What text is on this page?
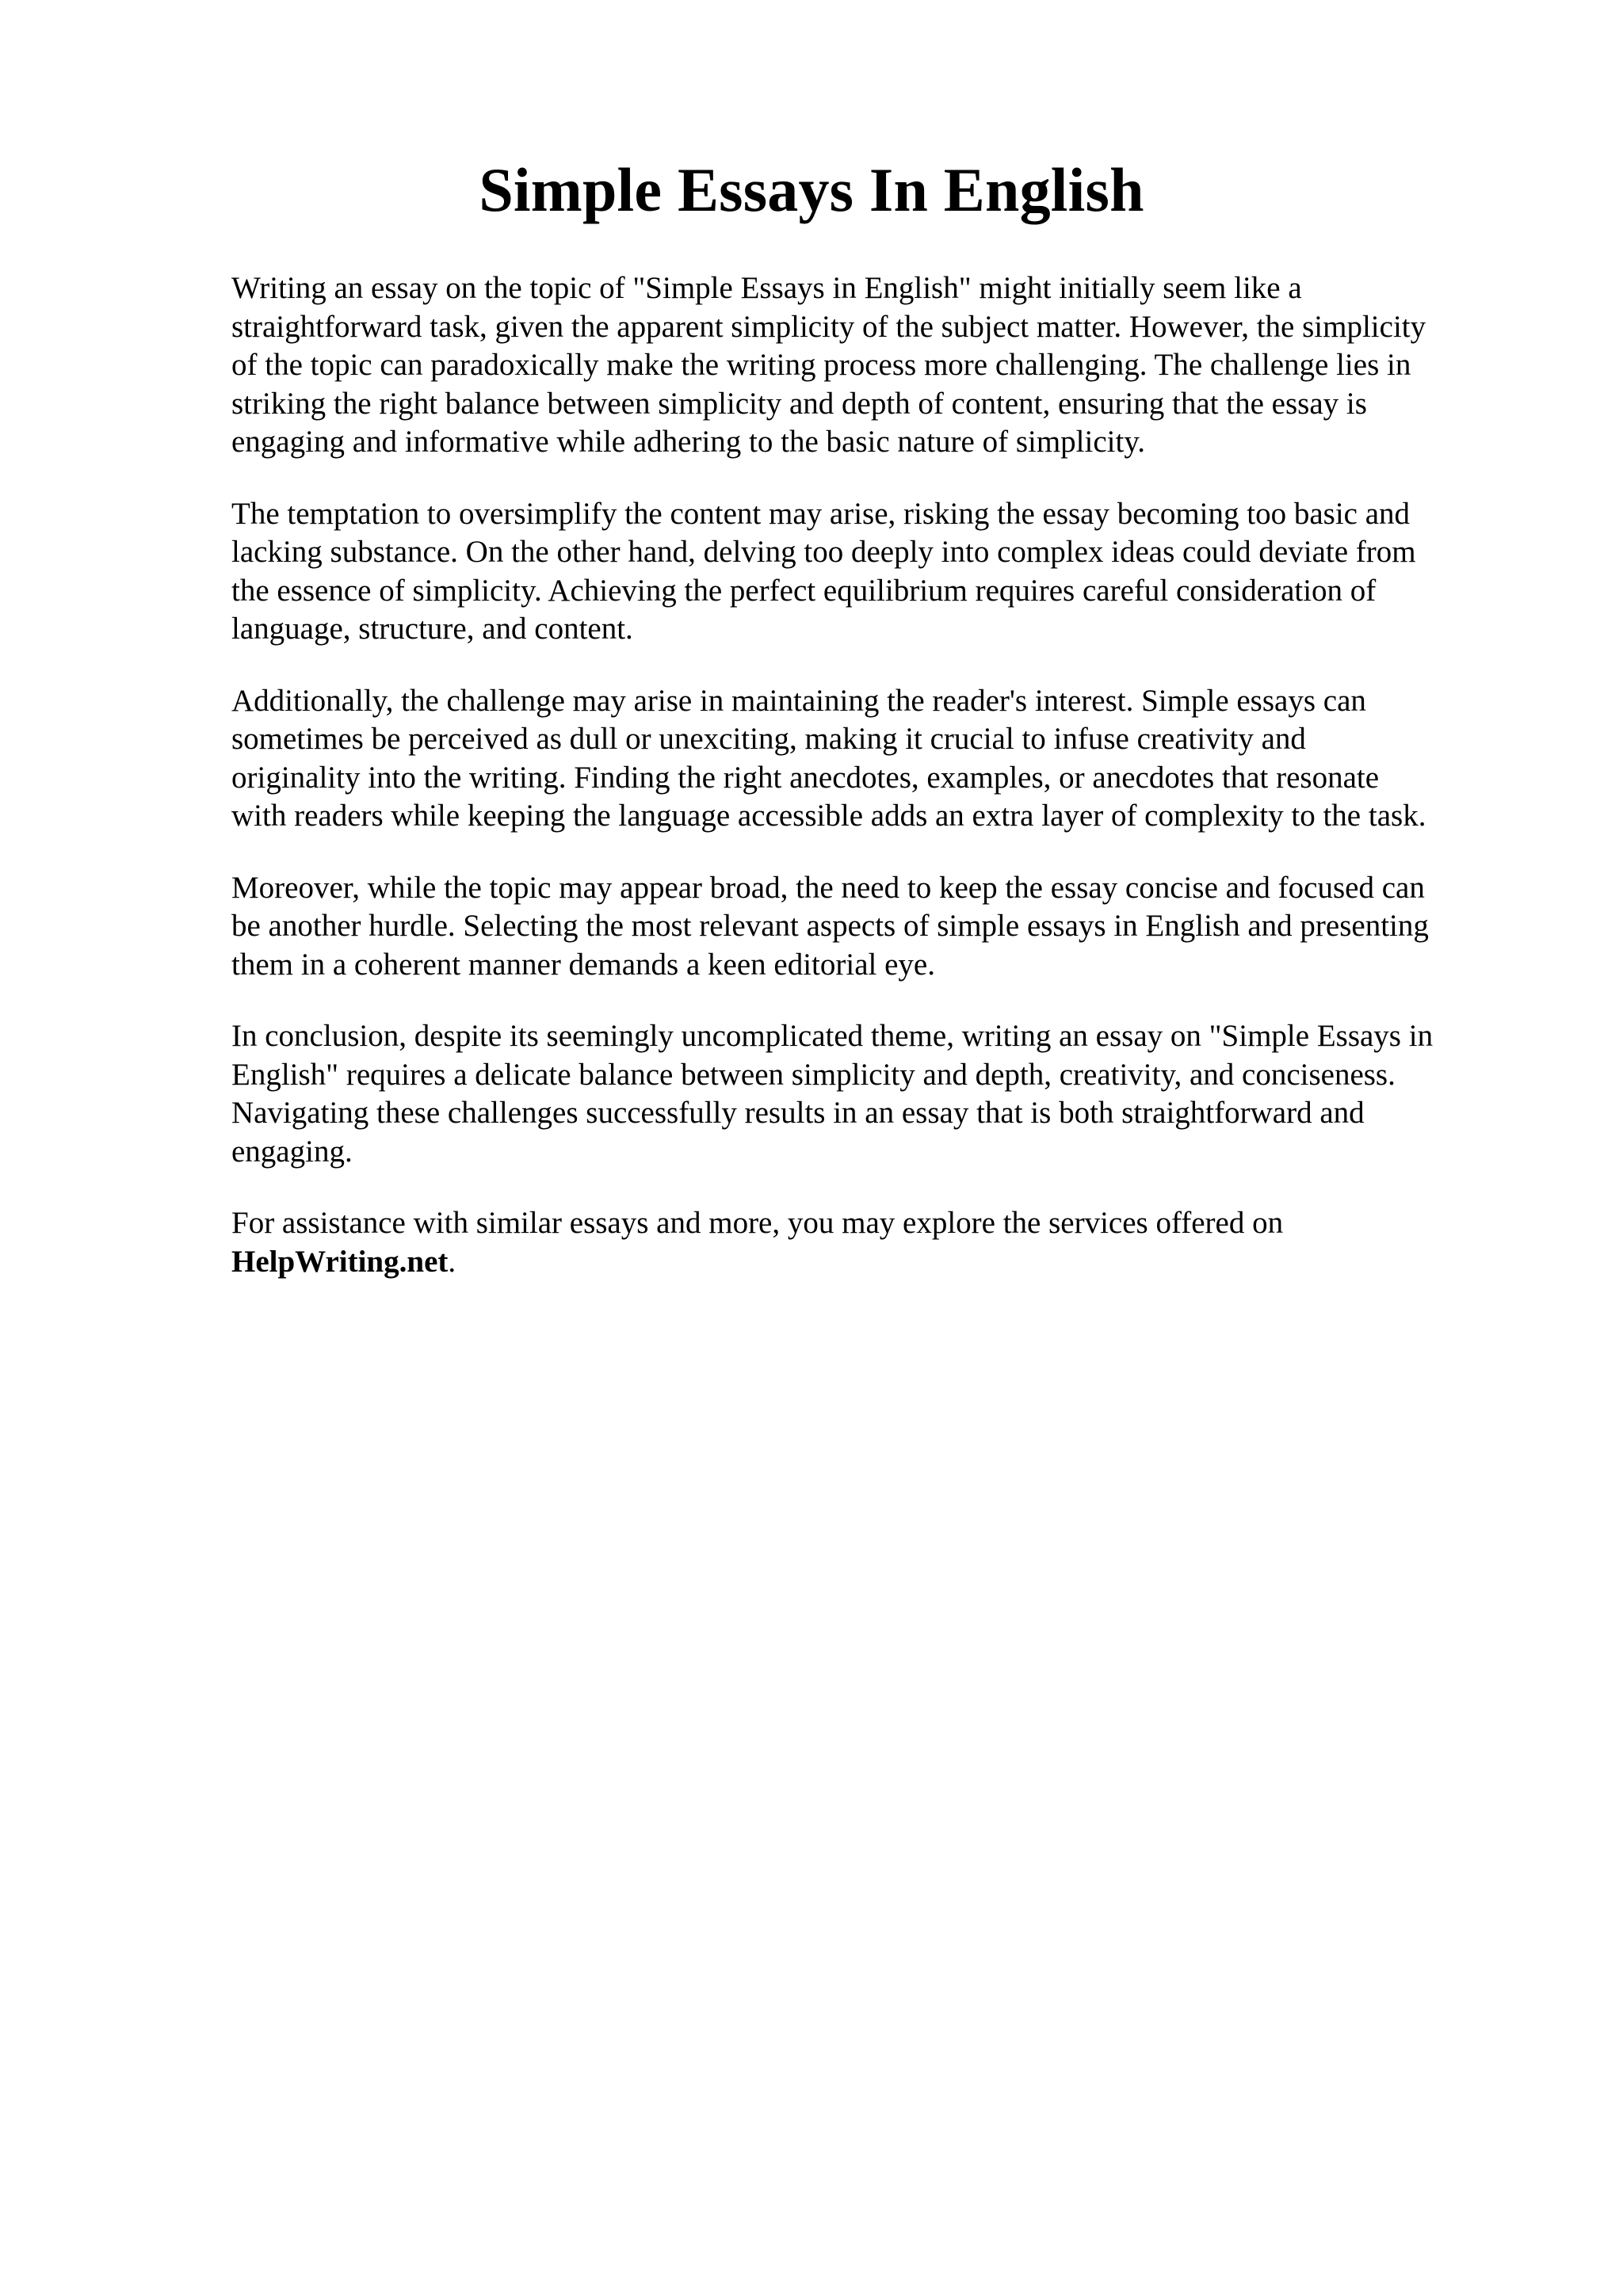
Simple Essays In English

Writing an essay on the topic of "Simple Essays in English" might initially seem like a
straightforward task, given the apparent simplicity of the subject matter. However, the simplicity
of the topic can paradoxically make the writing process more challenging. The challenge lies in
striking the right balance between simplicity and depth of content, ensuring that the essay is
engaging and informative while adhering to the basic nature of simplicity.

The temptation to oversimplify the content may arise, risking the essay becoming too basic and
lacking substance. On the other hand, delving too deeply into complex ideas could deviate from
the essence of simplicity. Achieving the perfect equilibrium requires careful consideration of
language, structure, and content.

Additionally, the challenge may arise in maintaining the reader's interest. Simple essays can
sometimes be perceived as dull or unexciting, making it crucial to infuse creativity and
originality into the writing. Finding the right anecdotes, examples, or anecdotes that resonate
with readers while keeping the language accessible adds an extra layer of complexity to the task.

Moreover, while the topic may appear broad, the need to keep the essay concise and focused can
be another hurdle. Selecting the most relevant aspects of simple essays in English and presenting
them in a coherent manner demands a keen editorial eye.

In conclusion, despite its seemingly uncomplicated theme, writing an essay on "Simple Essays in
English" requires a delicate balance between simplicity and depth, creativity, and conciseness.
Navigating these challenges successfully results in an essay that is both straightforward and
engaging.

For assistance with similar essays and more, you may explore the services offered on
HelpWriting.net.
